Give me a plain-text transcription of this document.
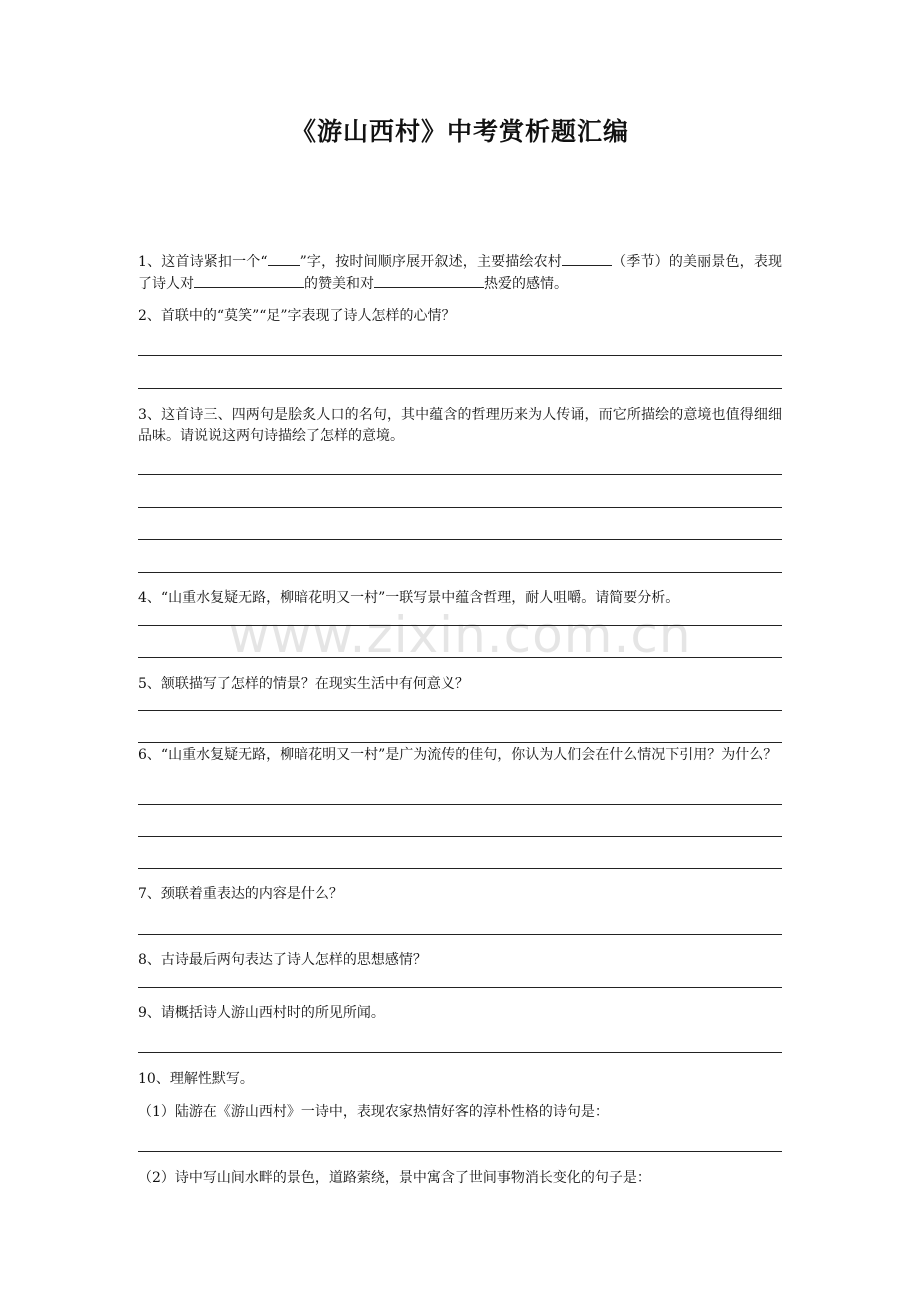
www.zixin.com.cn
《游山西村》中考赏析题汇编
1、这首诗紧扣一个“ ”字，按时间顺序展开叙述，主要描绘农村	（季节）的美丽景色，表现了诗人对	的赞美和对	热爱的感情。
2、首联中的“莫笑”“足”字表现了诗人怎样的心情？
3、这首诗三、四两句是脍炙人口的名句，其中蕴含的哲理历来为人传诵，而它所描绘的意境也值得细细品味。请说说这两句诗描绘了怎样的意境。
4、“山重水复疑无路，柳暗花明又一村”一联写景中蕴含哲理，耐人咀嚼。请简要分析。
5、颔联描写了怎样的情景？在现实生活中有何意义？
6、“山重水复疑无路，柳暗花明又一村”是广为流传的佳句，你认为人们会在什么情况下引用？为什么？
7、颈联着重表达的内容是什么？
8、古诗最后两句表达了诗人怎样的思想感情？
9、请概括诗人游山西村时的所见所闻。
10、理解性默写。
（1）陆游在《游山西村》一诗中，表现农家热情好客的淳朴性格的诗句是：
（2）诗中写山间水畔的景色，道路萦绕，景中寓含了世间事物消长变化的句子是：
